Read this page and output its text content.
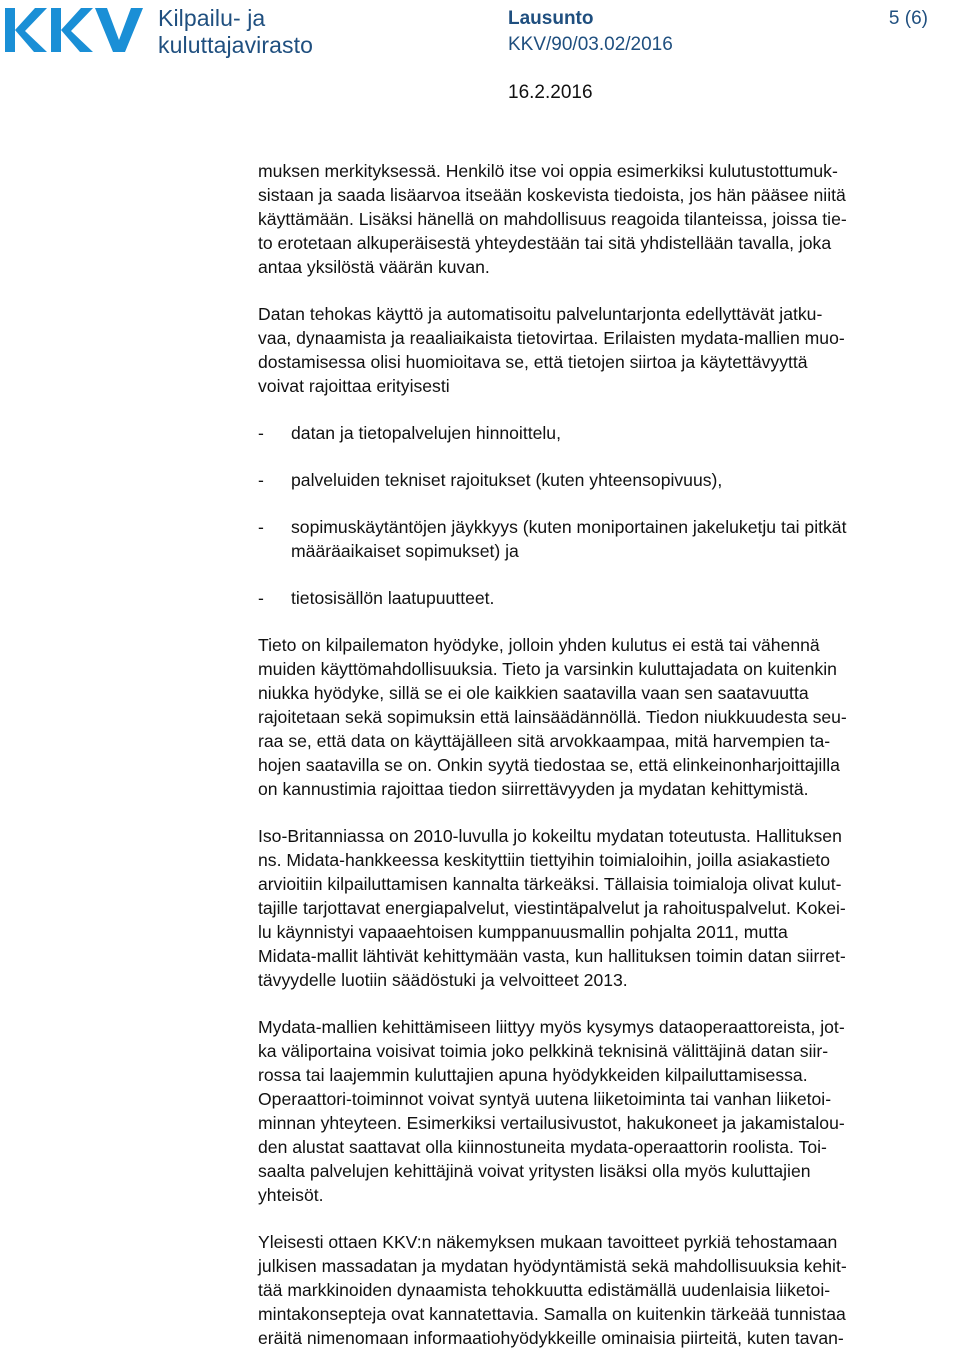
Kilpailu- ja
kuluttajavirasto
Lausunto	5 (6)
KKV/90/03.02/2016
16.2.2016
muksen merkityksessä. Henkilö itse voi oppia esimerkiksi kulutustottumuk-
sistaan ja saada lisäarvoa itseään koskevista tiedoista, jos hän pääsee niitä
käyttämään. Lisäksi hänellä on mahdollisuus reagoida tilanteissa, joissa tie-
to erotetaan alkuperäisestä yhteydestään tai sitä yhdistellään tavalla, joka
antaa yksilöstä väärän kuvan.
Datan tehokas käyttö ja automatisoitu palveluntarjonta edellyttävät jatku-
vaa, dynaamista ja reaaliaikaista tietovirtaa. Erilaisten mydata-mallien muo-
dostamisessa olisi huomioitava se, että tietojen siirtoa ja käytettävyyttä
voivat rajoittaa erityisesti
- datan ja tietopalvelujen hinnoittelu,
- palveluiden tekniset rajoitukset (kuten yhteensopivuus),
- sopimuskäytäntöjen jäykkyys (kuten moniportainen jakeluketju tai pitkät
määräaikaiset sopimukset) ja
- tietosisällön laatupuutteet.
Tieto on kilpailematon hyödyke, jolloin yhden kulutus ei estä tai vähennä
muiden käyttömahdollisuuksia. Tieto ja varsinkin kuluttajadata on kuitenkin
niukka hyödyke, sillä se ei ole kaikkien saatavilla vaan sen saatavuutta
rajoitetaan sekä sopimuksin että lainsäädännöllä. Tiedon niukkuudesta seu-
raa se, että data on käyttäjälleen sitä arvokkaampaa, mitä harvempien ta-
hojen saatavilla se on. Onkin syytä tiedostaa se, että elinkeinonharjoittajilla
on kannustimia rajoittaa tiedon siirrettävyyden ja mydatan kehittymistä.
Iso-Britanniassa on 2010-luvulla jo kokeiltu mydatan toteutusta. Hallituksen
ns. Midata-hankkeessa keskityttiin tiettyihin toimialoihin, joilla asiakastieto
arvioitiin kilpailuttamisen kannalta tärkeäksi. Tällaisia toimialoja olivat kulut-
tajille tarjottavat energiapalvelut, viestintäpalvelut ja rahoituspalvelut. Kokei-
lu käynnistyi vapaaehtoisen kumppanuusmallin pohjalta 2011, mutta
Midata-mallit lähtivät kehittymään vasta, kun hallituksen toimin datan siirret-
tävyydelle luotiin säädöstuki ja velvoitteet 2013.
Mydata-mallien kehittämiseen liittyy myös kysymys dataoperaattoreista, jot-
ka väliportaina voisivat toimia joko pelkkinä teknisinä välittäjinä datan siir-
rossa tai laajemmin kuluttajien apuna hyödykkeiden kilpailuttamisessa.
Operaattori-toiminnot voivat syntyä uutena liiketoiminta tai vanhan liiketoi-
minnan yhteyteen. Esimerkiksi vertailusivustot, hakukoneet ja jakamistalou-
den alustat saattavat olla kiinnostuneita mydata-operaattorin roolista. Toi-
saalta palvelujen kehittäjinä voivat yritysten lisäksi olla myös kuluttajien
yhteisöt.
Yleisesti ottaen KKV:n näkemyksen mukaan tavoitteet pyrkiä tehostamaan
julkisen massadatan ja mydatan hyödyntämistä sekä mahdollisuuksia kehit-
tää markkinoiden dynaamista tehokkuutta edistämällä uudenlaisia liiketoi-
mintakonsepteja ovat kannatettavia. Samalla on kuitenkin tärkeää tunnistaa
eräitä nimenomaan informaatiohyödykkeille ominaisia piirteitä, kuten tavan-
